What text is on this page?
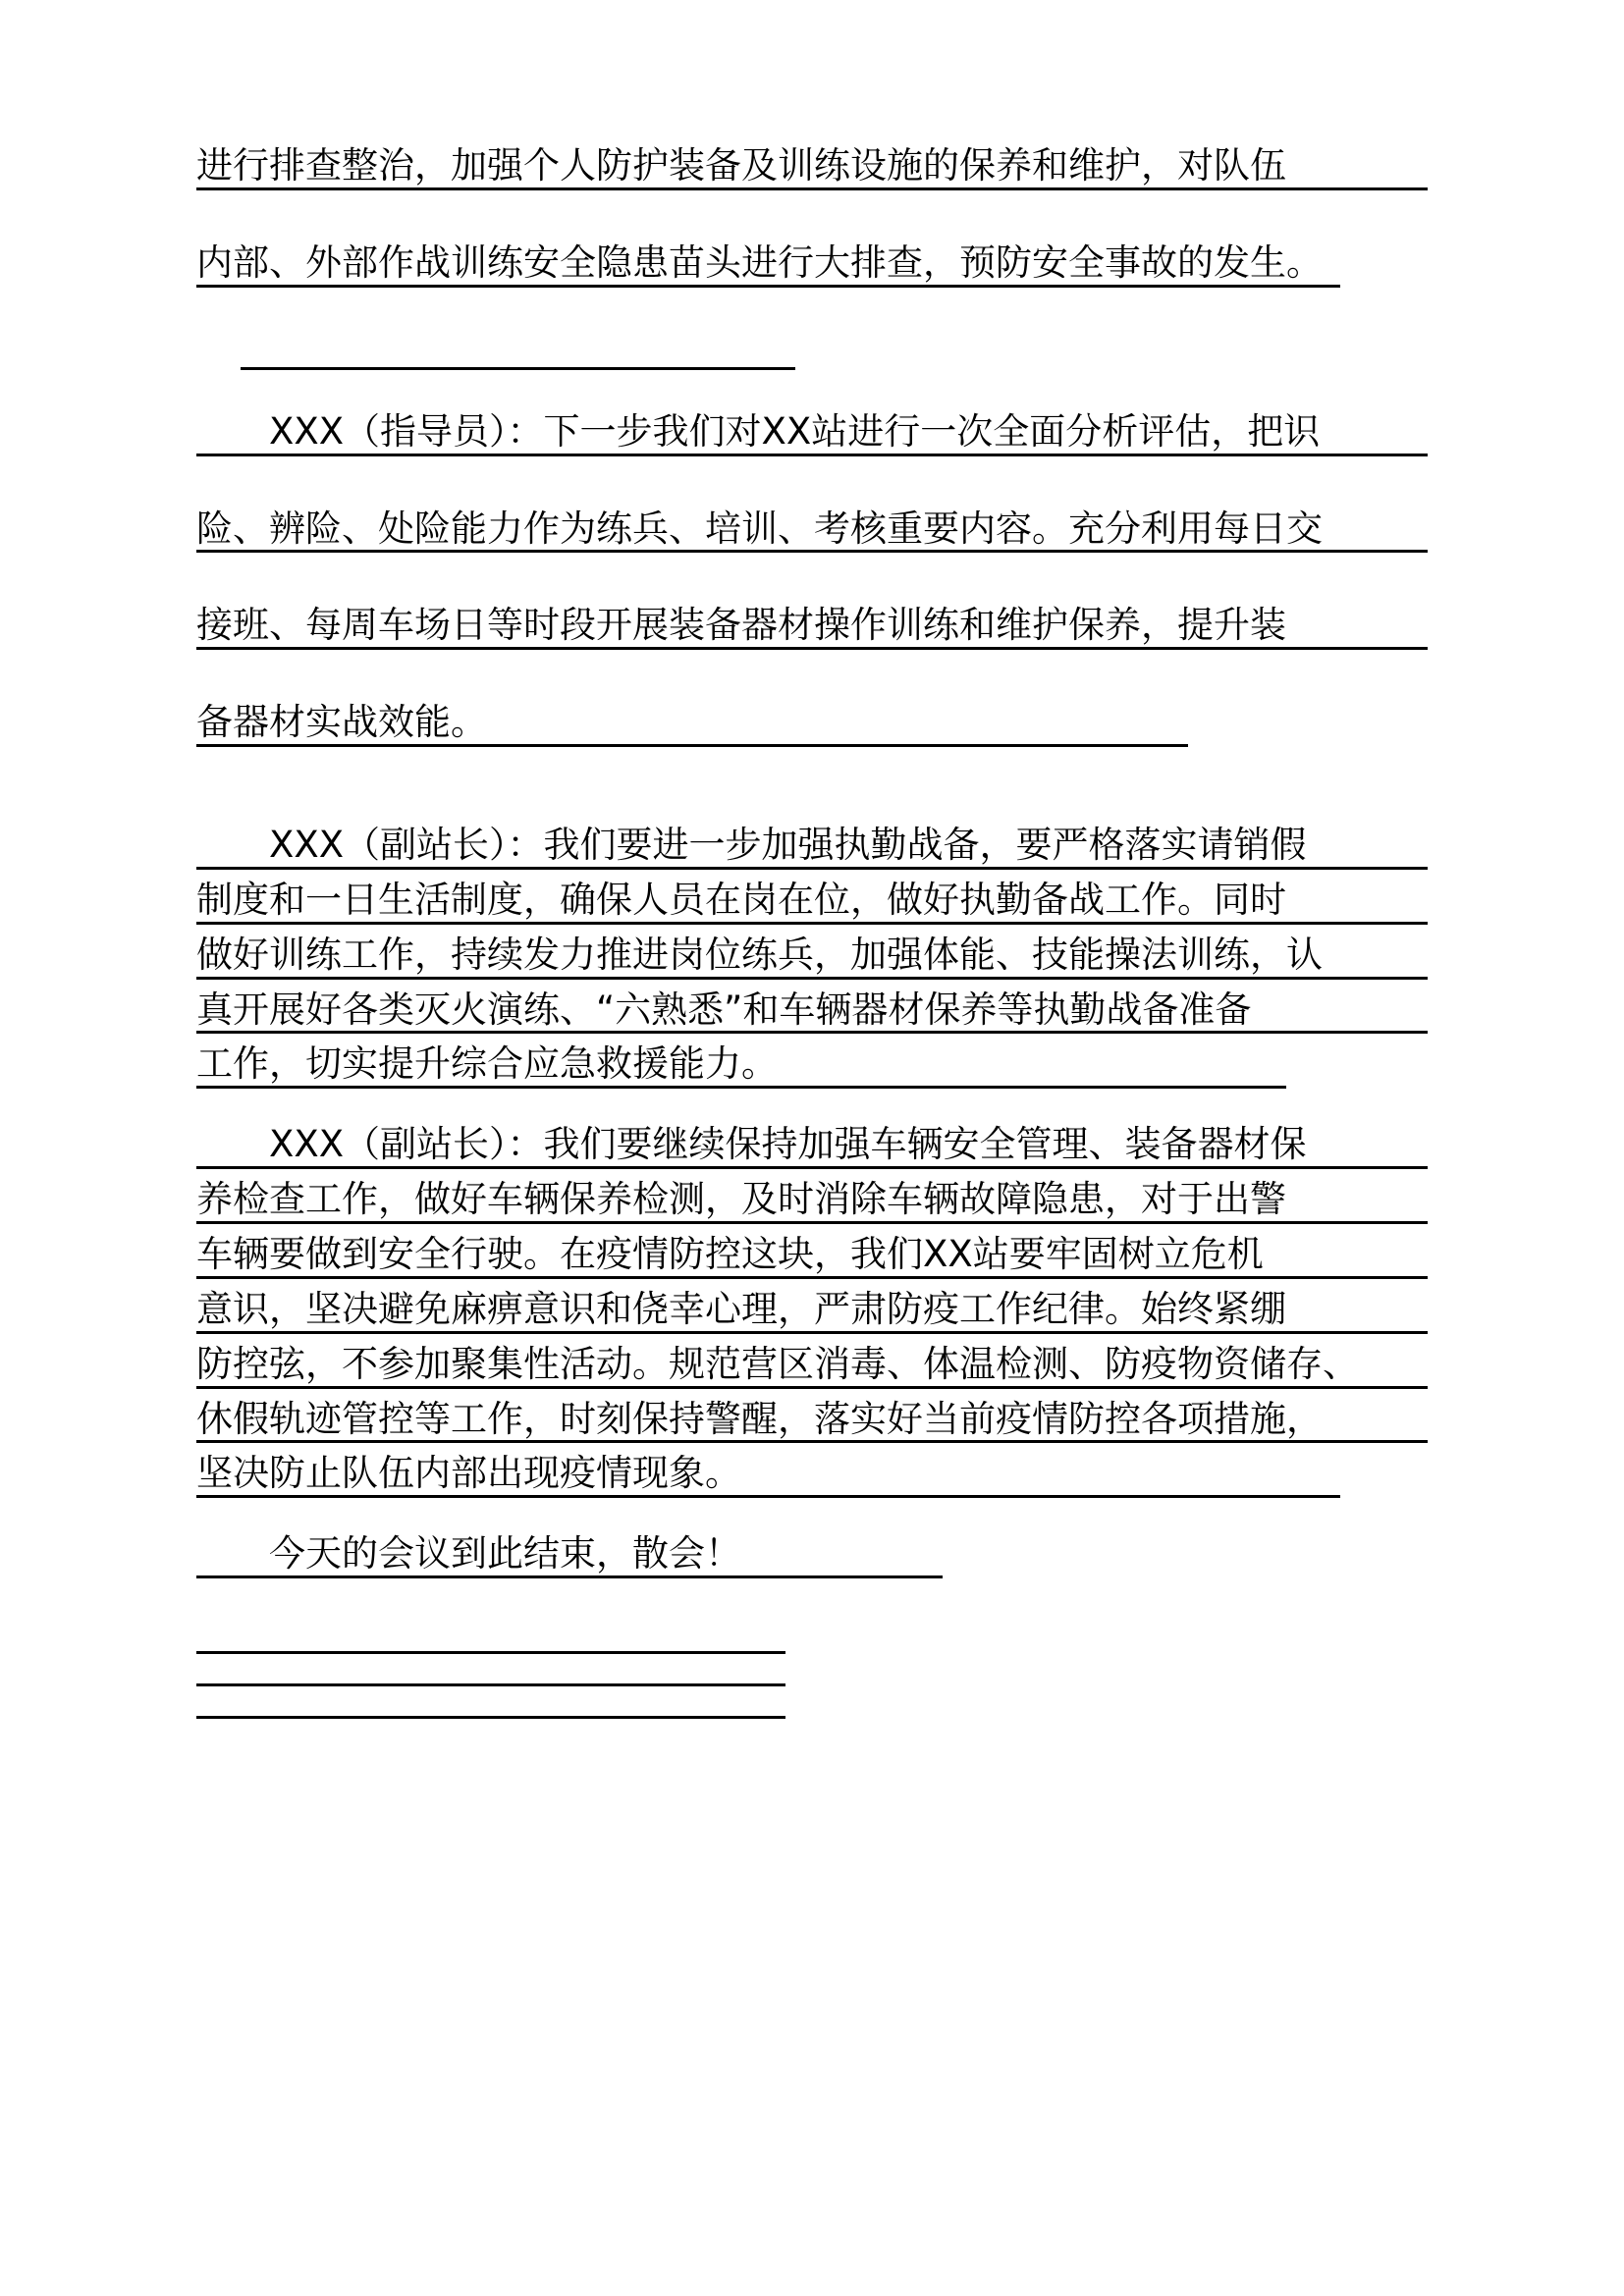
进行排查整治，加强个人防护装备及训练设施的保养和维护，对队伍
内部、外部作战训练安全隐患苗头进行大排查，预防安全事故的发生。
　　XXX（指导员）：下一步我们对XX站进行一次全面分析评估，把识
险、辨险、处险能力作为练兵、培训、考核重要内容。充分利用每日交
接班、每周车场日等时段开展装备器材操作训练和维护保养，提升装
备器材实战效能。
　　XXX（副站长）：我们要进一步加强执勤战备，要严格落实请销假
制度和一日生活制度，确保人员在岗在位，做好执勤备战工作。同时
做好训练工作，持续发力推进岗位练兵，加强体能、技能操法训练，认
真开展好各类灭火演练、“六熟悉”和车辆器材保养等执勤战备准备
工作，切实提升综合应急救援能力。
　　XXX（副站长）：我们要继续保持加强车辆安全管理、装备器材保
养检查工作，做好车辆保养检测，及时消除车辆故障隐患，对于出警
车辆要做到安全行驶。在疫情防控这块，我们XX站要牢固树立危机
意识，坚决避免麻痹意识和侥幸心理，严肃防疫工作纪律。始终紧绷
防控弦，不参加聚集性活动。规范营区消毒、体温检测、防疫物资储存、
休假轨迹管控等工作，时刻保持警醒，落实好当前疫情防控各项措施，
坚决防止队伍内部出现疫情现象。
　　今天的会议到此结束，散会！
